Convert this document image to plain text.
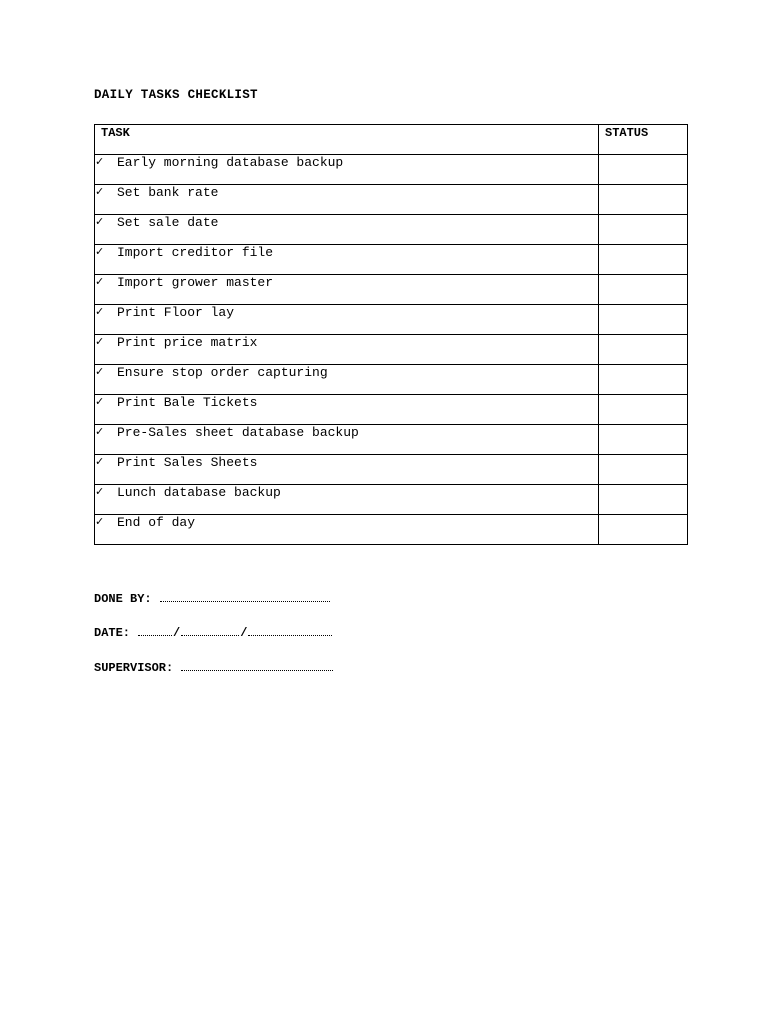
DAILY TASKS CHECKLIST
TASK	STATUS
✓ Early morning database backup	
✓ Set bank rate	
✓ Set sale date	
✓ Import creditor file	
✓ Import grower master	
✓ Print Floor lay	
✓ Print price matrix	
✓ Ensure stop order capturing	
✓ Print Bale Tickets	
✓ Pre-Sales sheet database backup	
✓ Print Sales Sheets	
✓ Lunch database backup	
✓ End of day	
DONE BY:
DATE:	/	/
SUPERVISOR:
